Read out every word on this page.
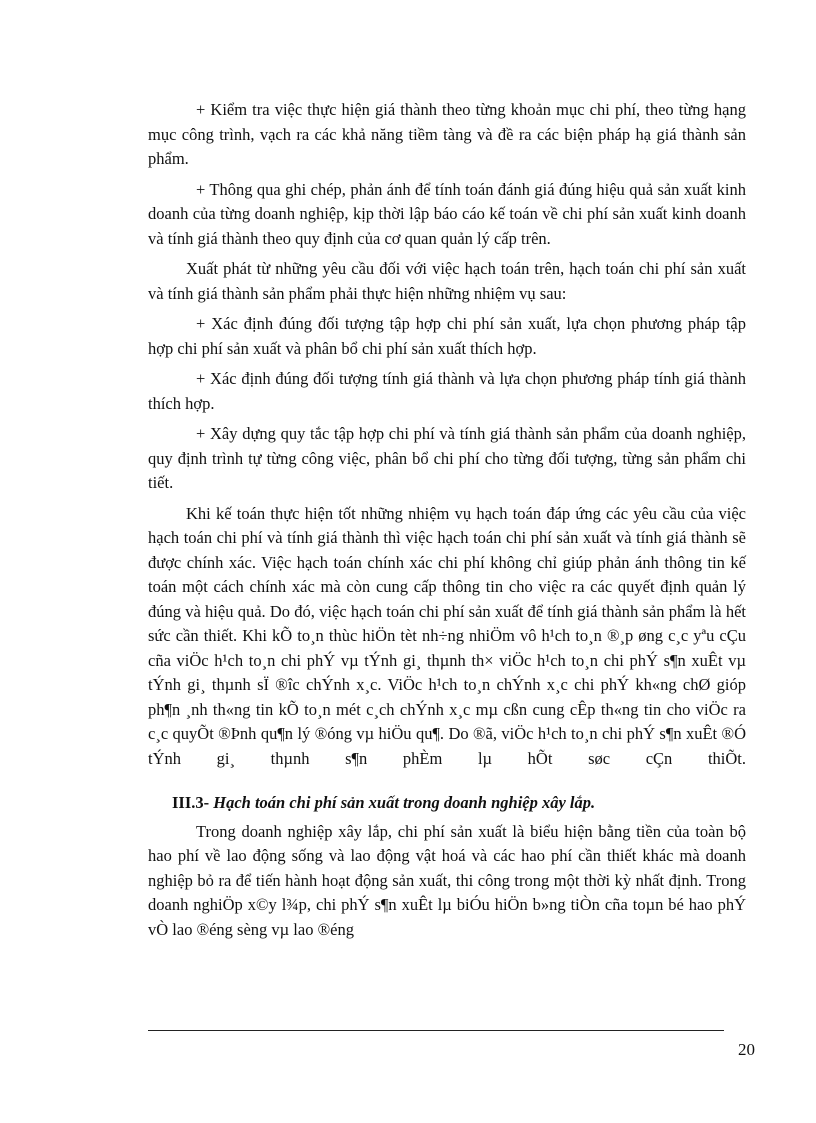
+ Kiểm tra việc thực hiện giá thành theo từng khoản mục chi phí, theo từng hạng mục công trình, vạch ra các khả năng tiềm tàng và đề ra các biện pháp hạ giá thành sản phẩm.

+ Thông qua ghi chép, phản ánh để tính toán đánh giá đúng hiệu quả sản xuất kinh doanh của từng doanh nghiệp, kịp thời lập báo cáo kế toán về chi phí sản xuất kinh doanh và tính giá thành theo quy định của cơ quan quản lý cấp trên.

Xuất phát từ những yêu cầu đối với việc hạch toán trên, hạch toán chi phí sản xuất và tính giá thành sản phẩm phải thực hiện những nhiệm vụ sau:

+ Xác định đúng đối tượng tập hợp chi phí sản xuất, lựa chọn phương pháp tập hợp chi phí sản xuất và phân bổ chi phí sản xuất thích hợp.

+ Xác định đúng đối tượng tính giá thành và lựa chọn phương pháp tính giá thành thích hợp.

+ Xây dựng quy tắc tập hợp chi phí và tính giá thành sản phẩm của doanh nghiệp, quy định trình tự từng công việc, phân bổ chi phí cho từng đối tượng, từng sản phẩm chi tiết.

Khi kế toán thực hiện tốt những nhiệm vụ hạch toán đáp ứng các yêu cầu của việc hạch toán chi phí và tính giá thành thì việc hạch toán chi phí sản xuất và tính giá thành sẽ được chính xác. Việc hạch toán chính xác chi phí không chỉ giúp phản ánh thông tin kế toán một cách chính xác mà còn cung cấp thông tin cho việc ra các quyết định quản lý đúng và hiệu quả. Do đó, việc hạch toán chi phí sản xuất để tính giá thành sản phẩm là hết sức cần thiết. Khi kÕ to¸n thùc hiÖn tèt nh÷ng nhiÖm vô h¹ch to¸n ®¸p øng c¸c yªu cÇu cña viÖc h¹ch to¸n chi phÝ vµ tÝnh gi¸ thµnh th× viÖc h¹ch to¸n chi phÝ s¶n xuÊt vµ tÝnh gi¸ thµnh sÏ ®îc chÝnh x¸c. ViÖc h¹ch to¸n chÝnh x¸c chi phÝ kh«ng chØ gióp ph¶n ¸nh th«ng tin kÕ to¸n mét c¸ch chÝnh x¸c mµ cßn cung cÊp th«ng tin cho viÖc ra c¸c quyÕt ®Þnh qu¶n lý ®óng vµ hiÖu qu¶. Do ®ã, viÖc h¹ch to¸n chi phÝ s¶n xuÊt ®Ó tÝnh gi¸ thµnh s¶n phÈm lµ hÕt søc cÇn thiÕt.

III.3- Hạch toán chi phí sản xuất trong doanh nghiệp xây lắp.

Trong doanh nghiệp xây lắp, chi phí sản xuất là biểu hiện bằng tiền của toàn bộ hao phí về lao động sống và lao động vật hoá và các hao phí cần thiết khác mà doanh nghiệp bỏ ra để tiến hành hoạt động sản xuất, thi công trong một thời kỳ nhất định. Trong doanh nghiÖp x©y l¾p, chi phÝ s¶n xuÊt lµ biÓu hiÖn b»ng tiÒn cña toµn bé hao phÝ vÒ lao ®éng sèng vµ lao ®éng

20
